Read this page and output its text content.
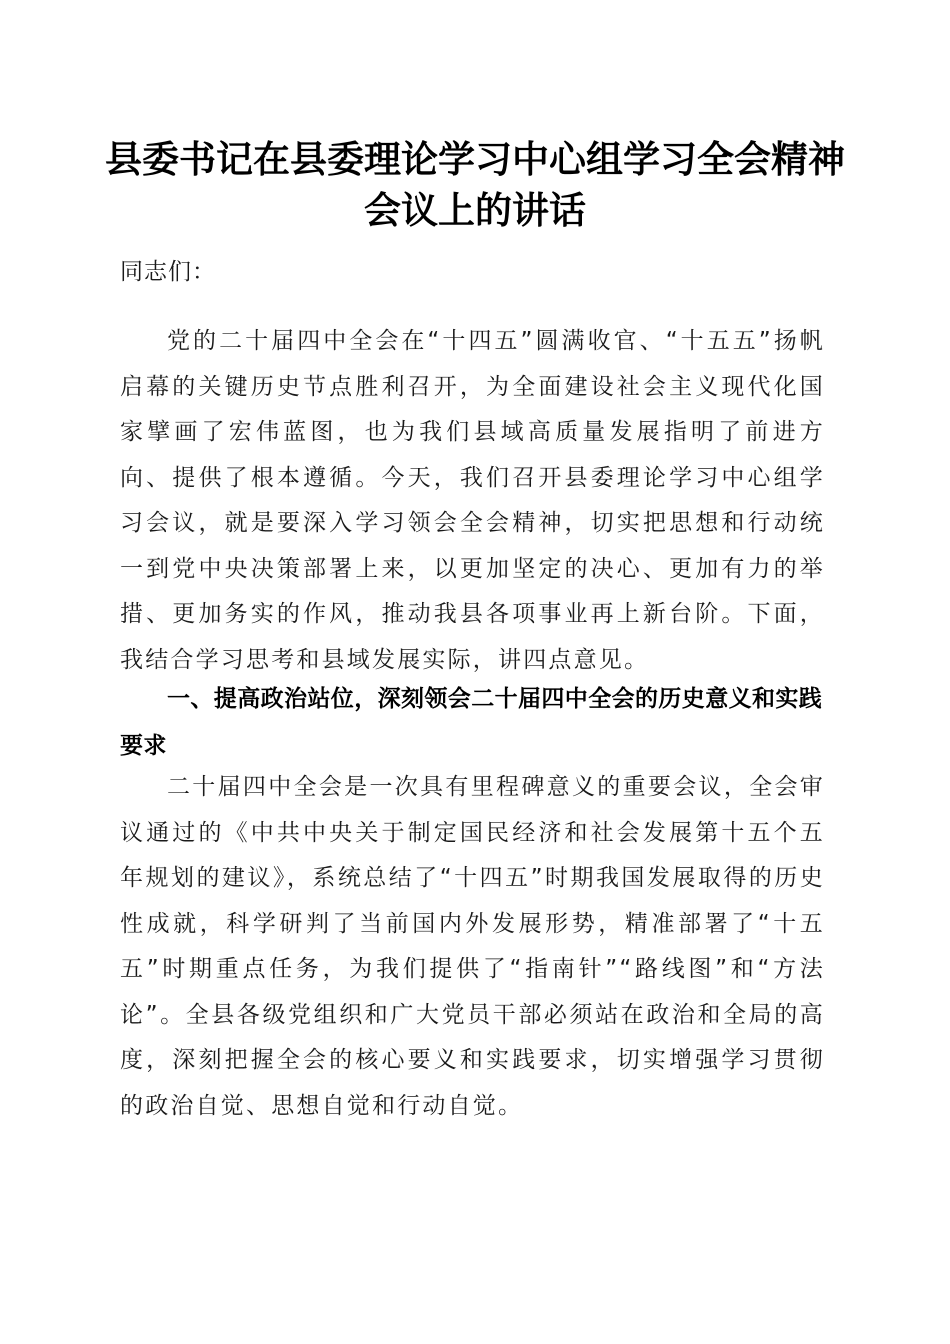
县委书记在县委理论学习中心组学习全会精神
会议上的讲话

同志们：

党的二十届四中全会在“十四五”圆满收官、“十五五”扬帆启幕的关键历史节点胜利召开，为全面建设社会主义现代化国家擘画了宏伟蓝图，也为我们县域高质量发展指明了前进方向、提供了根本遵循。今天，我们召开县委理论学习中心组学习会议，就是要深入学习领会全会精神，切实把思想和行动统一到党中央决策部署上来，以更加坚定的决心、更加有力的举措、更加务实的作风，推动我县各项事业再上新台阶。下面，我结合学习思考和县域发展实际，讲四点意见。

一、提高政治站位，深刻领会二十届四中全会的历史意义和实践要求

二十届四中全会是一次具有里程碑意义的重要会议，全会审议通过的《中共中央关于制定国民经济和社会发展第十五个五年规划的建议》，系统总结了“十四五”时期我国发展取得的历史性成就，科学研判了当前国内外发展形势，精准部署了“十五五”时期重点任务，为我们提供了“指南针”“路线图”和“方法论”。全县各级党组织和广大党员干部必须站在政治和全局的高度，深刻把握全会的核心要义和实践要求，切实增强学习贯彻的政治自觉、思想自觉和行动自觉。
